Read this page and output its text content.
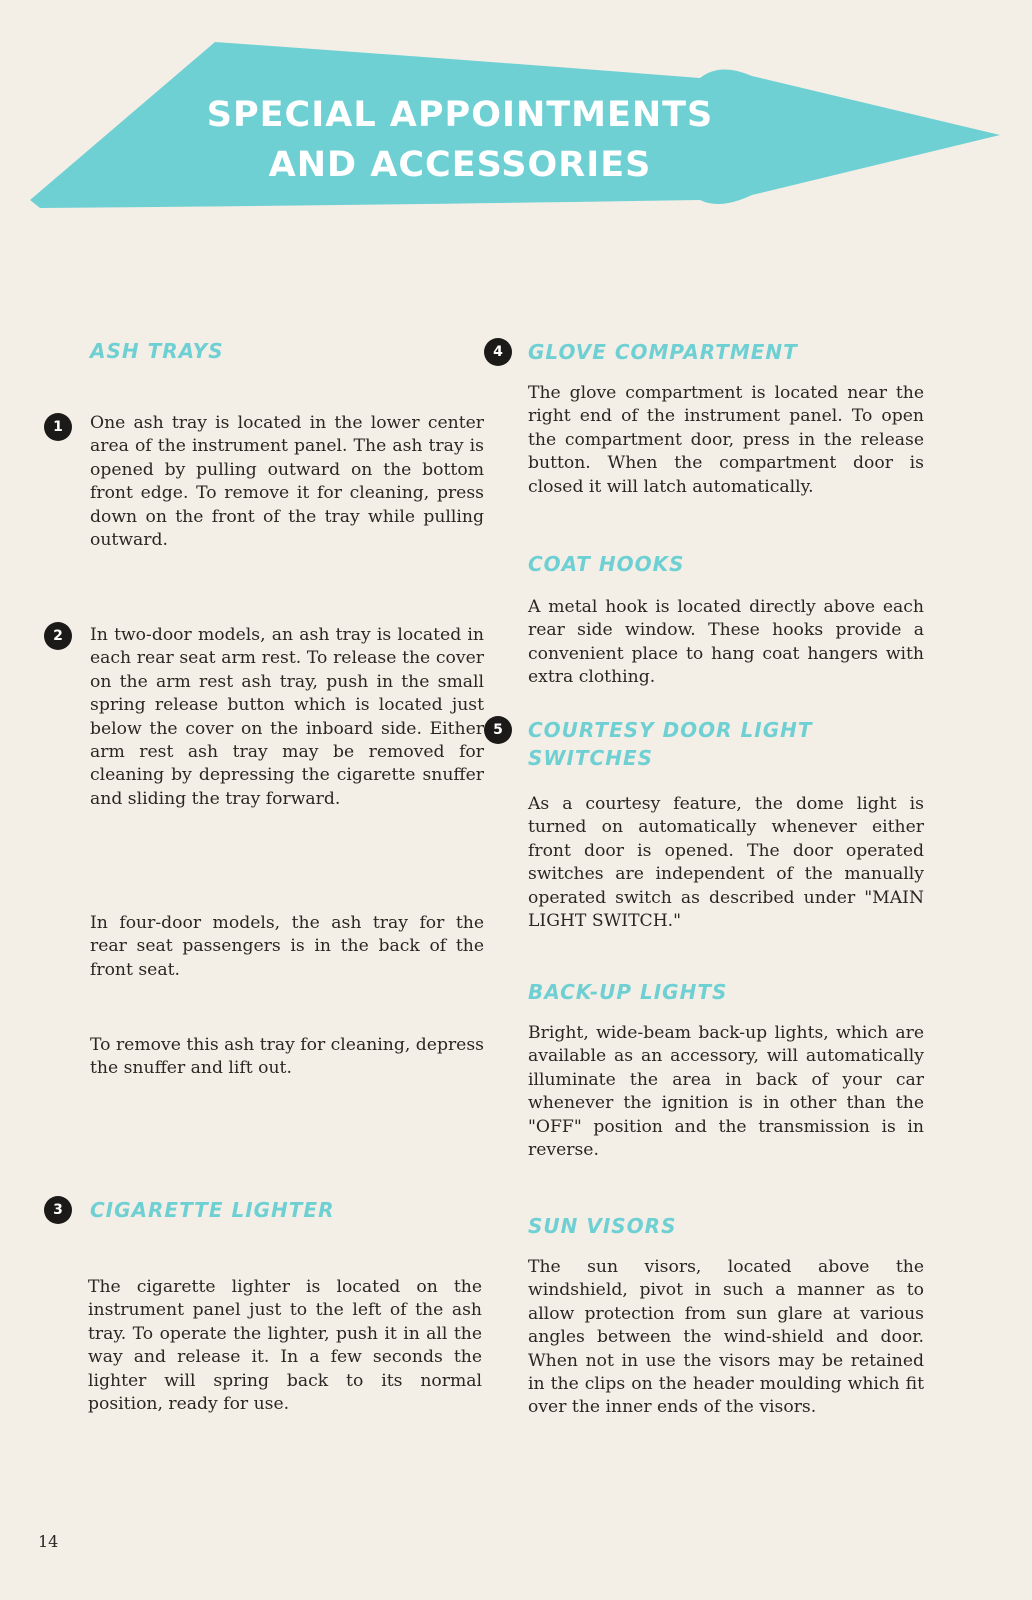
SPECIAL APPOINTMENTS
AND ACCESSORIES
ASH TRAYS
1	One ash tray is located in the lower center area of the instrument panel. The ash tray is opened by pulling outward on the bottom front edge. To remove it for cleaning, press down on the front of the tray while pulling outward.
2	In two-door models, an ash tray is located in each rear seat arm rest. To release the cover on the arm rest ash tray, push in the small spring release button which is located just below the cover on the inboard side. Either arm rest ash tray may be removed for cleaning by depressing the cigarette snuffer and sliding the tray forward.
In four-door models, the ash tray for the rear seat passengers is in the back of the front seat.
To remove this ash tray for cleaning, depress the snuffer and lift out.
3	CIGARETTE LIGHTER
The cigarette lighter is located on the instrument panel just to the left of the ash tray. To operate the lighter, push it in all the way and release it. In a few seconds the lighter will spring back to its normal position, ready for use.
4	GLOVE COMPARTMENT
The glove compartment is located near the right end of the instrument panel. To open the compartment door, press in the release button. When the compartment door is closed it will latch automatically.
COAT HOOKS
A metal hook is located directly above each rear side window. These hooks provide a convenient place to hang coat hangers with extra clothing.
5	COURTESY DOOR LIGHT
SWITCHES
As a courtesy feature, the dome light is turned on automatically whenever either front door is opened. The door operated switches are independent of the manually operated switch as described under "MAIN LIGHT SWITCH."
BACK-UP LIGHTS
Bright, wide-beam back-up lights, which are available as an accessory, will automatically illuminate the area in back of your car whenever the ignition is in other than the "OFF" position and the transmission is in reverse.
SUN VISORS
The sun visors, located above the windshield, pivot in such a manner as to allow protection from sun glare at various angles between the wind-shield and door. When not in use the visors may be retained in the clips on the header moulding which fit over the inner ends of the visors.
14
